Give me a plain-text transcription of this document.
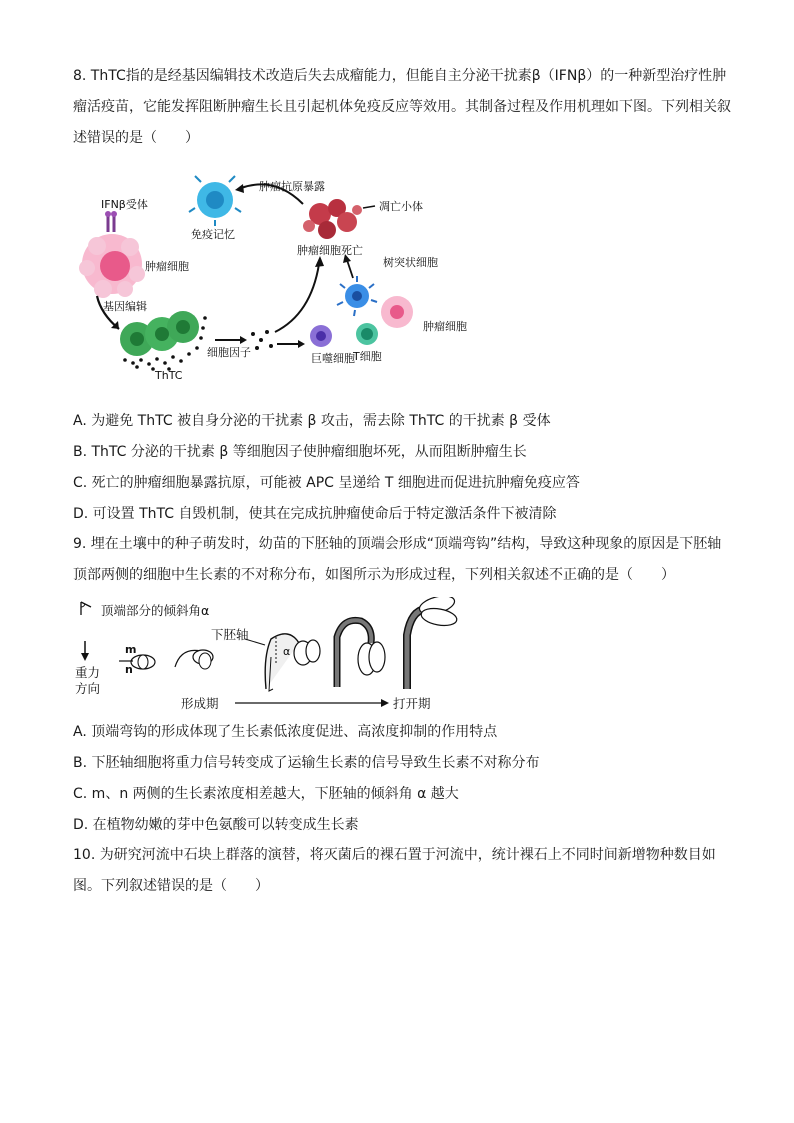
8. ThTC指的是经基因编辑技术改造后失去成瘤能力，但能自主分泌干扰素β（IFNβ）的一种新型治疗性肿瘤活疫苗，它能发挥阻断肿瘤生长且引起机体免疫反应等效用。其制备过程及作用机理如下图。下列相关叙述错误的是（　　）

IFNβ受体
肿瘤细胞
基因编辑
ThTC
细胞因子	巨噬细胞
T细胞
树突状细胞
肿瘤细胞
凋亡小体
肿瘤细胞死亡
肿瘤抗原暴露
免疫记忆

A. 为避免 ThTC 被自身分泌的干扰素 β 攻击，需去除 ThTC 的干扰素 β 受体

B. ThTC 分泌的干扰素 β 等细胞因子使肿瘤细胞坏死，从而阻断肿瘤生长

C. 死亡的肿瘤细胞暴露抗原，可能被 APC 呈递给 T 细胞进而促进抗肿瘤免疫应答

D. 可设置 ThTC 自毁机制，使其在完成抗肿瘤使命后于特定激活条件下被清除

9. 埋在土壤中的种子萌发时，幼苗的下胚轴的顶端会形成“顶端弯钩”结构，导致这种现象的原因是下胚轴顶部两侧的细胞中生长素的不对称分布，如图所示为形成过程，下列相关叙述不正确的是（　　）

顶端部分的倾斜角α
重力
方向
m
n
下胚轴
α
形成期	打开期

A. 顶端弯钩的形成体现了生长素低浓度促进、高浓度抑制的作用特点

B. 下胚轴细胞将重力信号转变成了运输生长素的信号导致生长素不对称分布

C. m、n 两侧的生长素浓度相差越大，下胚轴的倾斜角 α 越大

D. 在植物幼嫩的芽中色氨酸可以转变成生长素

10. 为研究河流中石块上群落的演替，将灭菌后的裸石置于河流中，统计裸石上不同时间新增物种数目如图。下列叙述错误的是（　　）
